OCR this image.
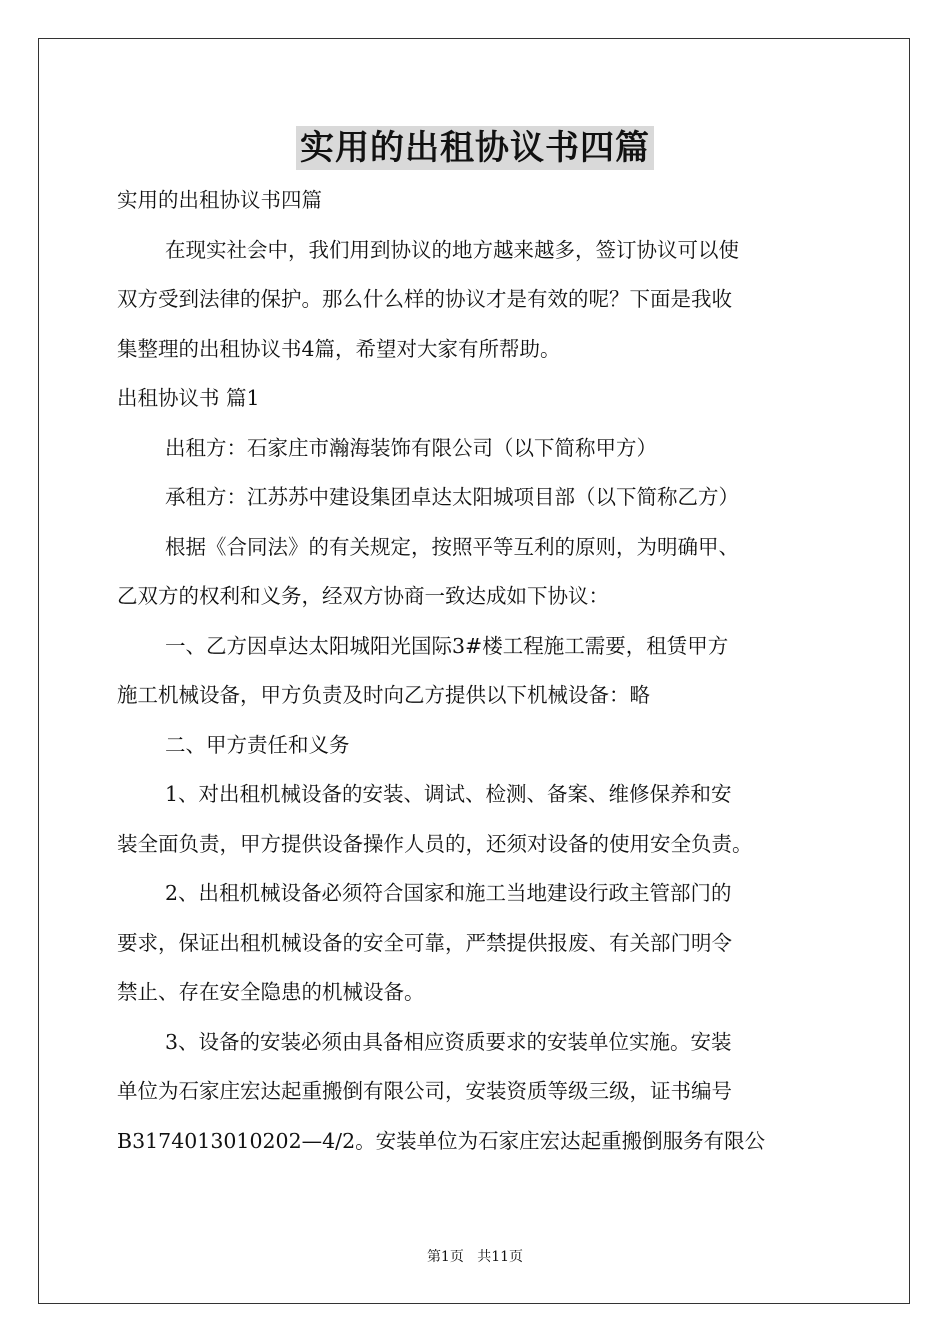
实用的出租协议书四篇
实用的出租协议书四篇
在现实社会中，我们用到协议的地方越来越多，签订协议可以使
双方受到法律的保护。那么什么样的协议才是有效的呢？下面是我收
集整理的出租协议书4篇，希望对大家有所帮助。
出租协议书 篇1
出租方：石家庄市瀚海装饰有限公司（以下简称甲方）
承租方：江苏苏中建设集团卓达太阳城项目部（以下简称乙方）
根据《合同法》的有关规定，按照平等互利的原则，为明确甲、
乙双方的权利和义务，经双方协商一致达成如下协议：
一、乙方因卓达太阳城阳光国际3#楼工程施工需要，租赁甲方
施工机械设备，甲方负责及时向乙方提供以下机械设备：略
二、甲方责任和义务
1、对出租机械设备的安装、调试、检测、备案、维修保养和安
装全面负责，甲方提供设备操作人员的，还须对设备的使用安全负责。
2、出租机械设备必须符合国家和施工当地建设行政主管部门的
要求，保证出租机械设备的安全可靠，严禁提供报废、有关部门明令
禁止、存在安全隐患的机械设备。
3、设备的安装必须由具备相应资质要求的安装单位实施。安装
单位为石家庄宏达起重搬倒有限公司，安装资质等级三级，证书编号
B3174013010202—4/2。安装单位为石家庄宏达起重搬倒服务有限公
第1页 共11页
